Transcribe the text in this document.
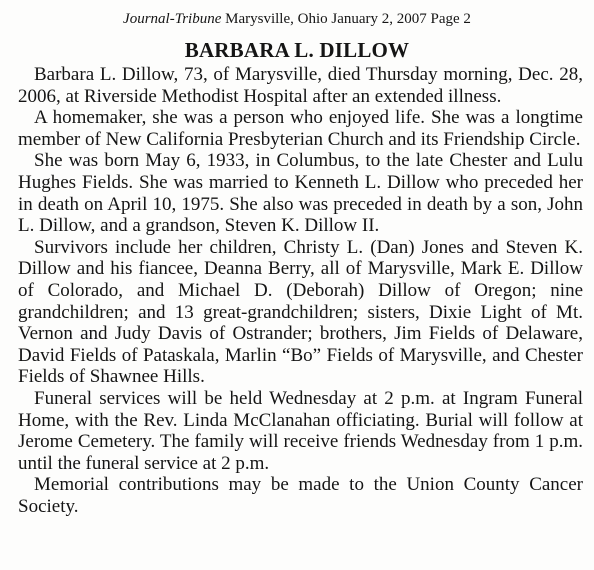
Journal-Tribune Marysville, Ohio January 2, 2007 Page 2
BARBARA L. DILLOW

Barbara L. Dillow, 73, of Marysville, died Thursday morning, Dec. 28, 2006, at Riverside Methodist Hospital after an extended illness.

A homemaker, she was a person who enjoyed life. She was a longtime member of New California Presbyterian Church and its Friendship Circle.

She was born May 6, 1933, in Columbus, to the late Chester and Lulu Hughes Fields. She was married to Kenneth L. Dillow who preceded her in death on April 10, 1975. She also was preceded in death by a son, John L. Dillow, and a grandson, Steven K. Dillow II.

Survivors include her children, Christy L. (Dan) Jones and Steven K. Dillow and his fiancee, Deanna Berry, all of Marysville, Mark E. Dillow of Colorado, and Michael D. (Deborah) Dillow of Oregon; nine grandchildren; and 13 great-grandchildren; sisters, Dixie Light of Mt. Vernon and Judy Davis of Ostrander; brothers, Jim Fields of Delaware, David Fields of Pataskala, Marlin “Bo” Fields of Marysville, and Chester Fields of Shawnee Hills.

Funeral services will be held Wednesday at 2 p.m. at Ingram Funeral Home, with the Rev. Linda McClanahan officiating. Burial will follow at Jerome Cemetery. The family will receive friends Wednesday from 1 p.m. until the funeral service at 2 p.m.

Memorial contributions may be made to the Union County Cancer Society.
